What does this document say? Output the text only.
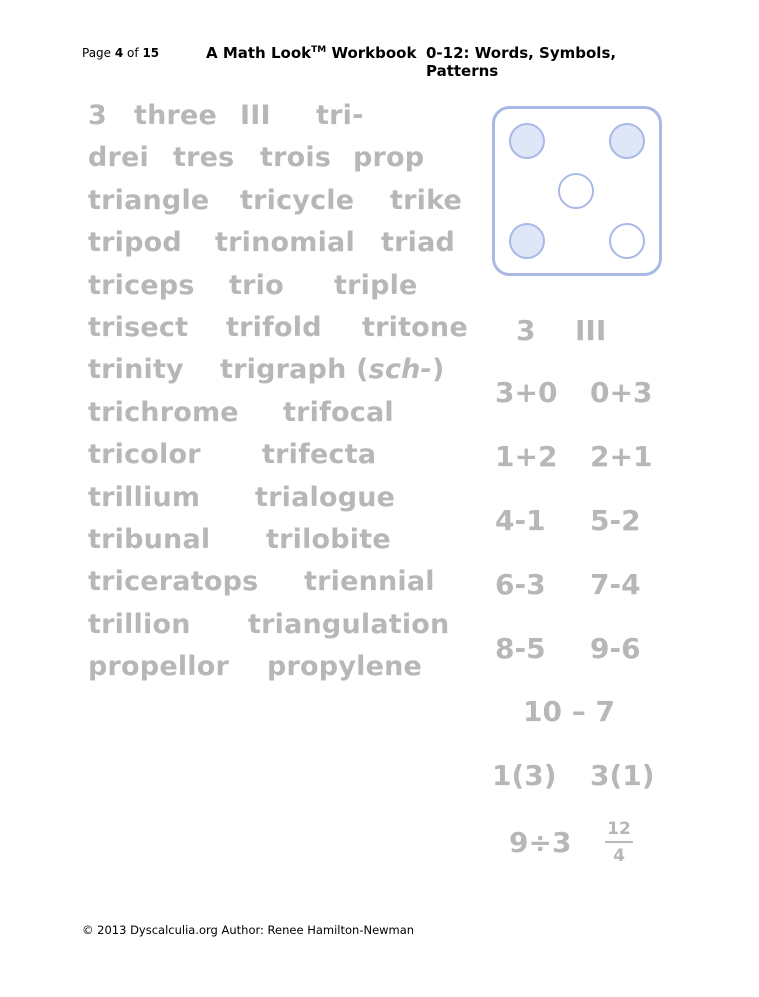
Page 4 of 15	A Math Look™ Workbook 0-12: Words, Symbols, Patterns
3 three III tri-
drei tres trois prop
triangle tricycle trike
tripod trinomial triad
triceps trio triple
trisect trifold tritone
trinity trigraph (sch-)
trichrome trifocal
tricolor trifecta
trillium trialogue
tribunal trilobite
triceratops triennial
trillion triangulation
propellor propylene
3 III
3+0 0+3
1+2 2+1
4-1 5-2
6-3 7-4
8-5 9-6
10 – 7
1(3) 3(1)
9÷3 12
4
© 2013 Dyscalculia.org Author: Renee Hamilton-Newman
